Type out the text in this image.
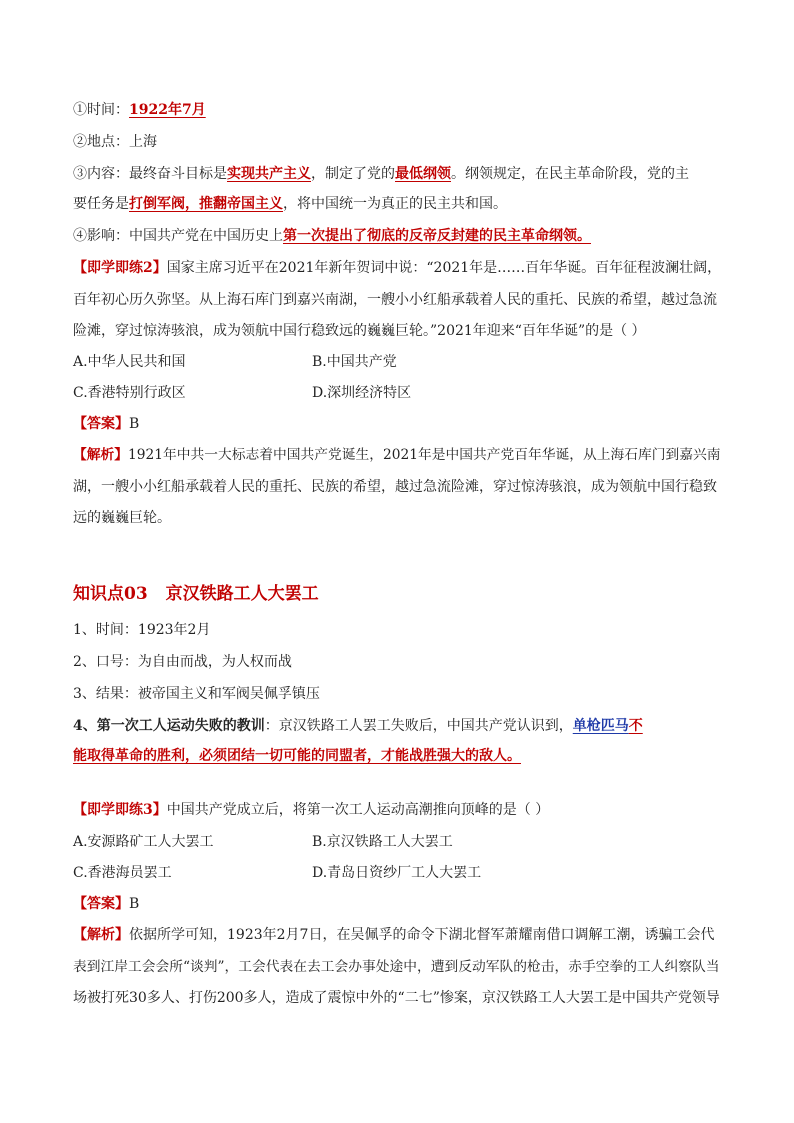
①时间：1922年7月
②地点：上海
③内容：最终奋斗目标是实现共产主义，制定了党的最低纲领。纲领规定，在民主革命阶段，党的主
要任务是打倒军阀，推翻帝国主义，将中国统一为真正的民主共和国。
④影响：中国共产党在中国历史上第一次提出了彻底的反帝反封建的民主革命纲领。
【即学即练2】国家主席习近平在2021年新年贺词中说：“2021年是……百年华诞。百年征程波澜壮阔，
百年初心历久弥坚。从上海石库门到嘉兴南湖，一艘小小红船承载着人民的重托、民族的希望，越过急流
险滩，穿过惊涛骇浪，成为领航中国行稳致远的巍巍巨轮。”2021年迎来“百年华诞”的是（ ）
A.中华人民共和国	B.中国共产党
C.香港特别行政区	D.深圳经济特区
【答案】B
【解析】1921年中共一大标志着中国共产党诞生，2021年是中国共产党百年华诞，从上海石库门到嘉兴南
湖，一艘小小红船承载着人民的重托、民族的希望，越过急流险滩，穿过惊涛骇浪，成为领航中国行稳致
远的巍巍巨轮。
知识点03 京汉铁路工人大罢工
1、时间：1923年2月
2、口号：为自由而战，为人权而战
3、结果：被帝国主义和军阀吴佩孚镇压
4、第一次工人运动失败的教训：京汉铁路工人罢工失败后，中国共产党认识到，单枪匹马不
能取得革命的胜利，必须团结一切可能的同盟者，才能战胜强大的敌人。
【即学即练3】中国共产党成立后，将第一次工人运动高潮推向顶峰的是（ ）
A.安源路矿工人大罢工	B.京汉铁路工人大罢工
C.香港海员罢工	D.青岛日资纱厂工人大罢工
【答案】B
【解析】依据所学可知，1923年2月7日，在吴佩孚的命令下湖北督军萧耀南借口调解工潮，诱骗工会代
表到江岸工会会所“谈判”，工会代表在去工会办事处途中，遭到反动军队的枪击，赤手空拳的工人纠察队当
场被打死30多人、打伤200多人，造成了震惊中外的“二七”惨案，京汉铁路工人大罢工是中国共产党领导
